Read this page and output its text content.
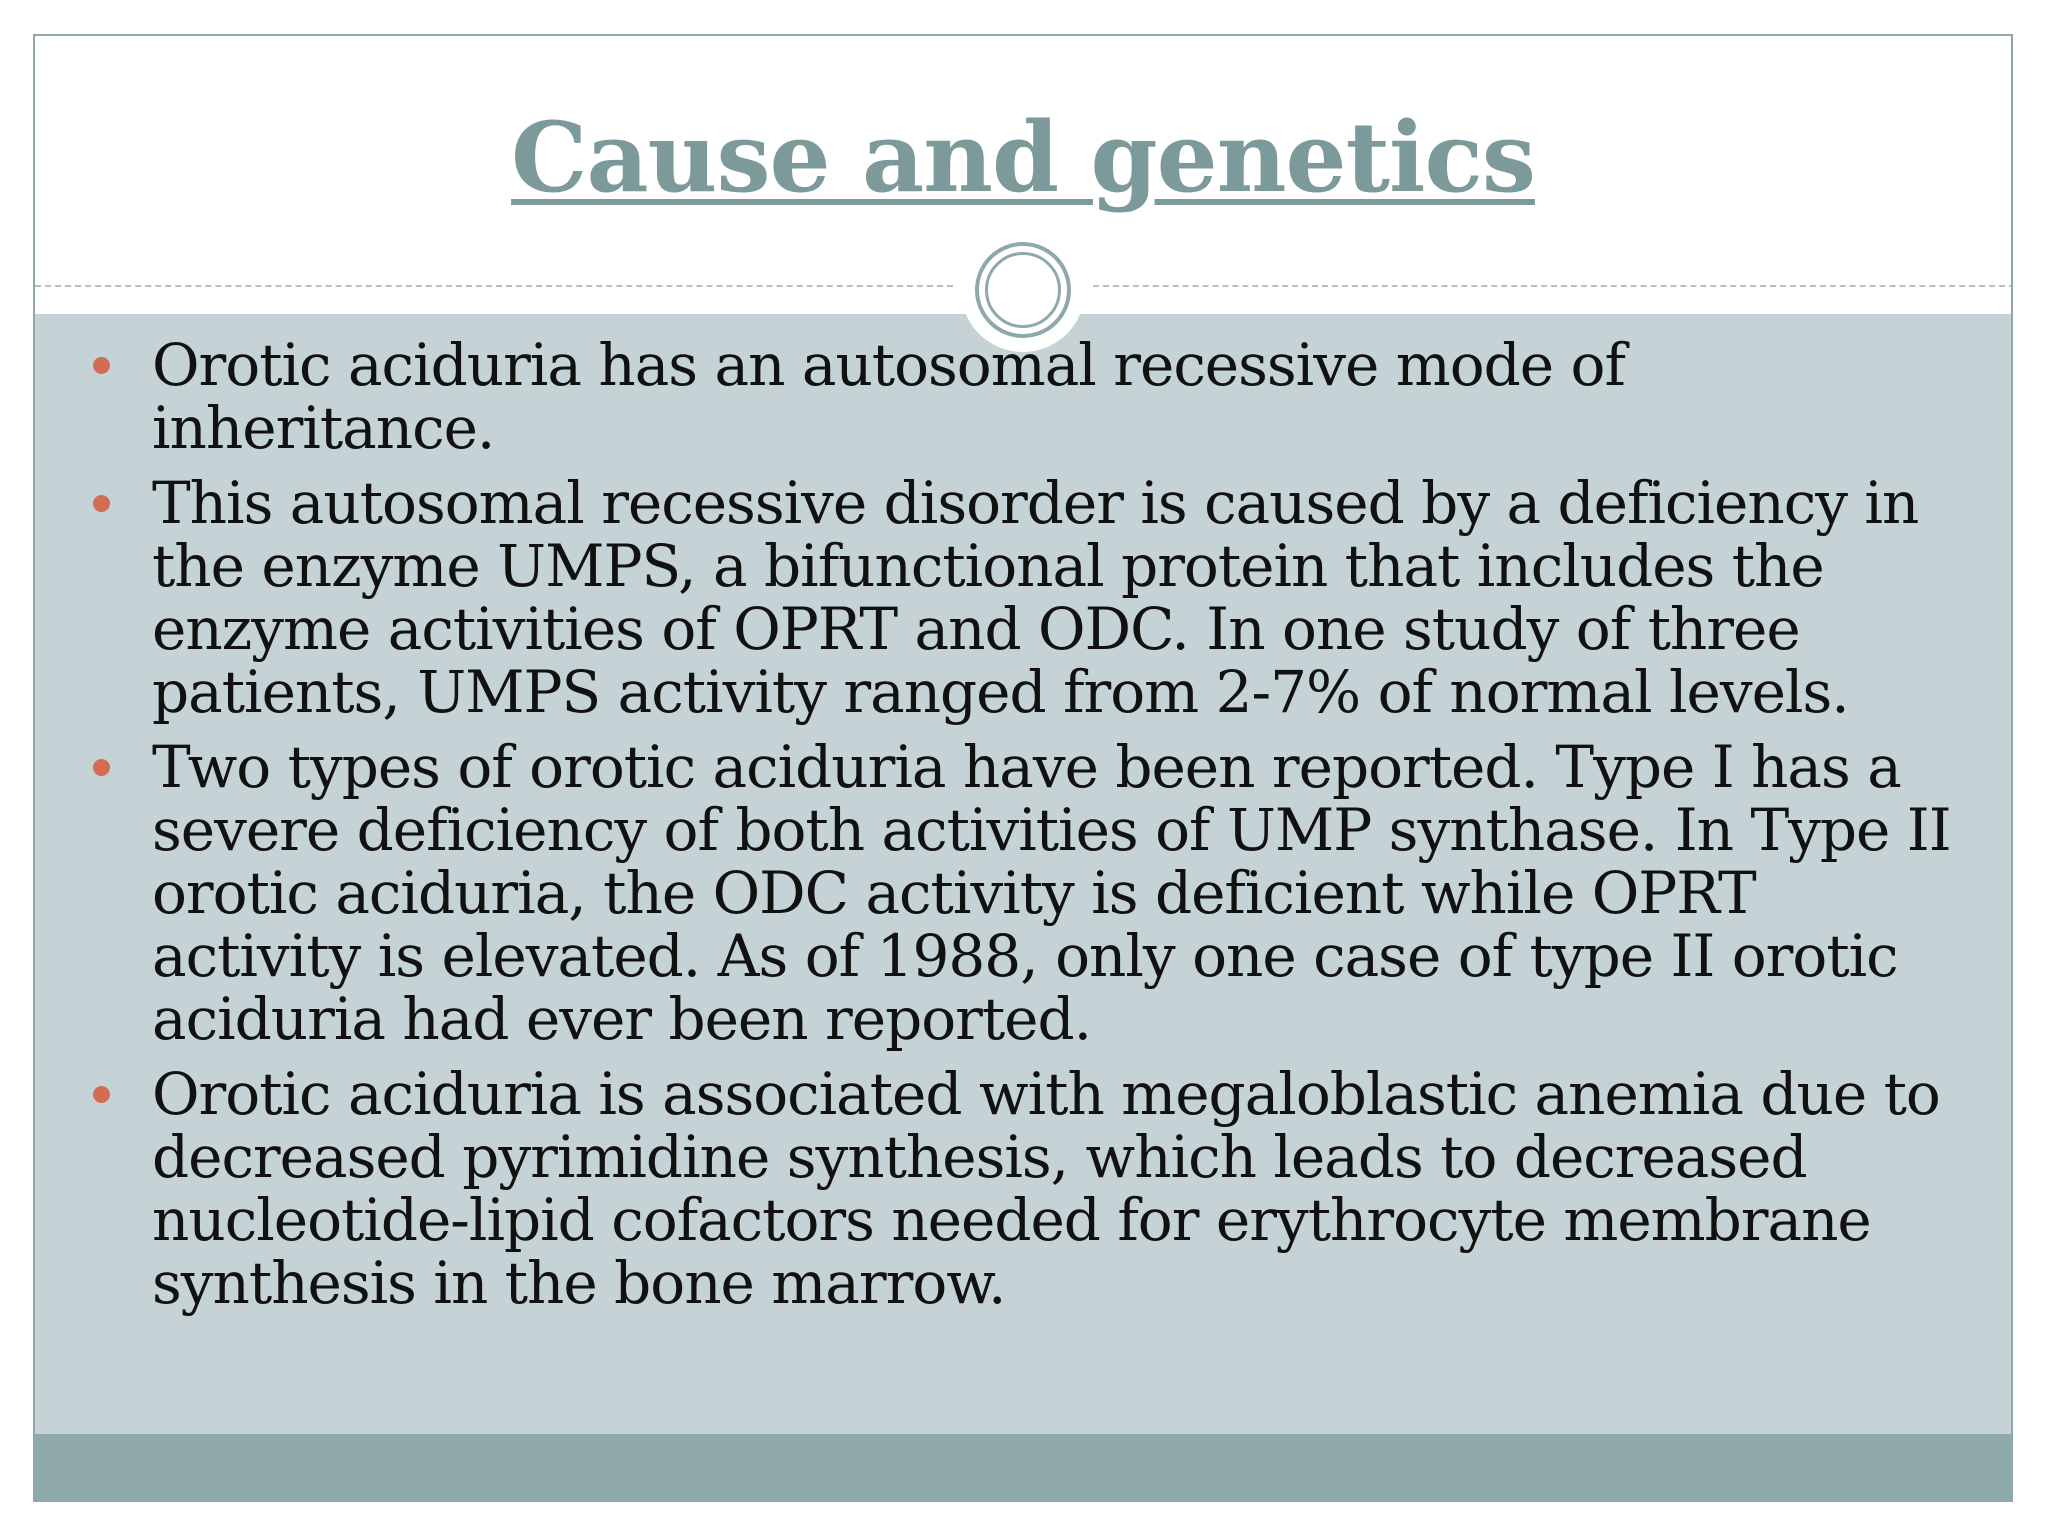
Cause and genetics
Orotic aciduria has an autosomal recessive mode of inheritance.
This autosomal recessive disorder is caused by a deficiency in the enzyme UMPS, a bifunctional protein that includes the enzyme activities of OPRT and ODC. In one study of three patients, UMPS activity ranged from 2-7% of normal levels.
Two types of orotic aciduria have been reported. Type I has a severe deficiency of both activities of UMP synthase. In Type II orotic aciduria, the ODC activity is deficient while OPRT activity is elevated. As of 1988, only one case of type II orotic aciduria had ever been reported.
Orotic aciduria is associated with megaloblastic anemia due to decreased pyrimidine synthesis, which leads to decreased nucleotide-lipid cofactors needed for erythrocyte membrane synthesis in the bone marrow.
